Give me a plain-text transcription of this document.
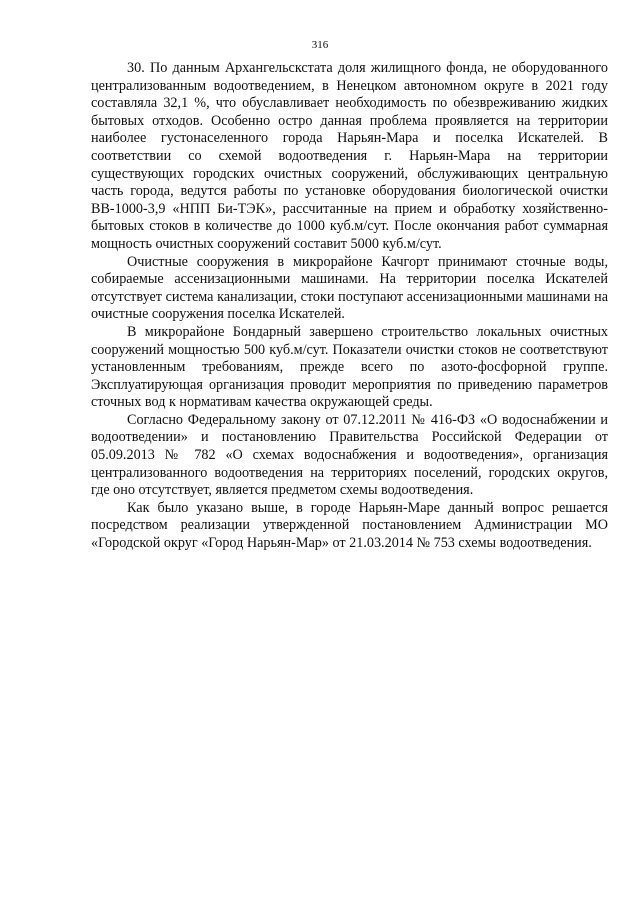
316

30. По данным Архангельскстата доля жилищного фонда, не оборудованного централизованным водоотведением, в Ненецком автономном округе в 2021 году составляла 32,1 %, что обуславливает необходимость по обезвреживанию жидких бытовых отходов. Особенно остро данная проблема проявляется на территории наиболее густонаселенного города Нарьян-Мара и поселка Искателей. В соответствии со схемой водоотведения г. Нарьян-Мара на территории существующих городских очистных сооружений, обслуживающих центральную часть города, ведутся работы по установке оборудования биологической очистки ВВ-1000-3,9 «НПП Би-ТЭК», рассчитанные на прием и обработку хозяйственно-бытовых стоков в количестве до 1000 куб.м/сут. После окончания работ суммарная мощность очистных сооружений составит 5000 куб.м/сут.

Очистные сооружения в микрорайоне Качгорт принимают сточные воды, собираемые ассенизационными машинами. На территории поселка Искателей отсутствует система канализации, стоки поступают ассенизационными машинами на очистные сооружения поселка Искателей.

В микрорайоне Бондарный завершено строительство локальных очистных сооружений мощностью 500 куб.м/сут. Показатели очистки стоков не соответствуют установленным требованиям, прежде всего по азото-фосфорной группе. Эксплуатирующая организация проводит мероприятия по приведению параметров сточных вод к нормативам качества окружающей среды.

Согласно Федеральному закону от 07.12.2011 № 416-ФЗ «О водоснабжении и водоотведении» и постановлению Правительства Российской Федерации от 05.09.2013 № 782 «О схемах водоснабжения и водоотведения», организация централизованного водоотведения на территориях поселений, городских округов, где оно отсутствует, является предметом схемы водоотведения.

Как было указано выше, в городе Нарьян-Маре данный вопрос решается посредством реализации утвержденной постановлением Администрации МО «Городской округ «Город Нарьян-Мар» от 21.03.2014 № 753 схемы водоотведения.
